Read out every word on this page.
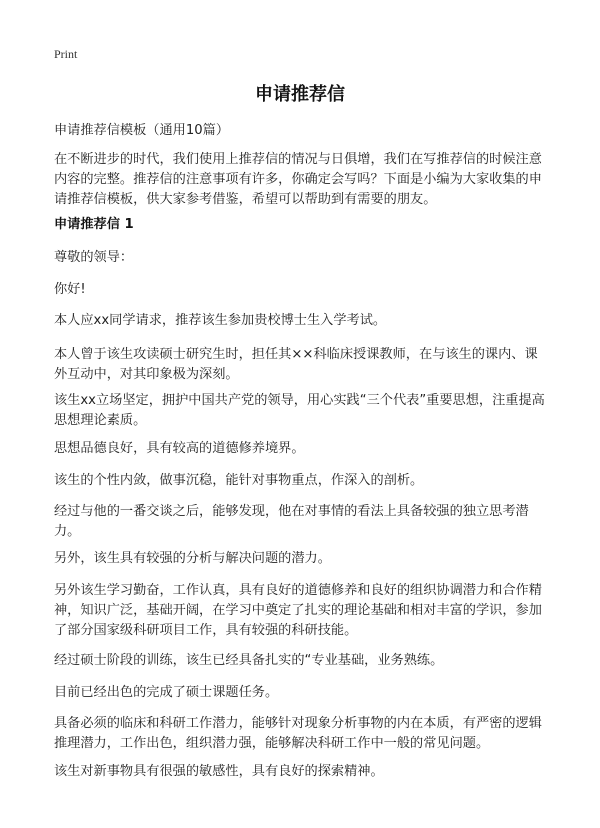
Print
申请推荐信

申请推荐信模板（通用10篇）

在不断进步的时代，我们使用上推荐信的情况与日俱增，我们在写推荐信的时候注意内容的完整。推荐信的注意事项有许多，你确定会写吗？下面是小编为大家收集的申请推荐信模板，供大家参考借鉴，希望可以帮助到有需要的朋友。

申请推荐信 1

尊敬的领导：

你好!

本人应xx同学请求，推荐该生参加贵校博士生入学考试。

本人曾于该生攻读硕士研究生时，担任其××科临床授课教师，在与该生的课内、课外互动中，对其印象极为深刻。

该生xx立场坚定，拥护中国共产党的领导，用心实践“三个代表”重要思想，注重提高思想理论素质。

思想品德良好，具有较高的道德修养境界。

该生的个性内敛，做事沉稳，能针对事物重点，作深入的剖析。

经过与他的一番交谈之后，能够发现，他在对事情的看法上具备较强的独立思考潜力。

另外，该生具有较强的分析与解决问题的潜力。

另外该生学习勤奋，工作认真，具有良好的道德修养和良好的组织协调潜力和合作精神，知识广泛，基础开阔，在学习中奠定了扎实的理论基础和相对丰富的学识，参加了部分国家级科研项目工作，具有较强的科研技能。

经过硕士阶段的训练，该生已经具备扎实的“专业基础，业务熟练。

目前已经出色的完成了硕士课题任务。

具备必须的临床和科研工作潜力，能够针对现象分析事物的内在本质，有严密的逻辑推理潜力，工作出色，组织潜力强，能够解决科研工作中一般的常见问题。

该生对新事物具有很强的敏感性，具有良好的探索精神。
